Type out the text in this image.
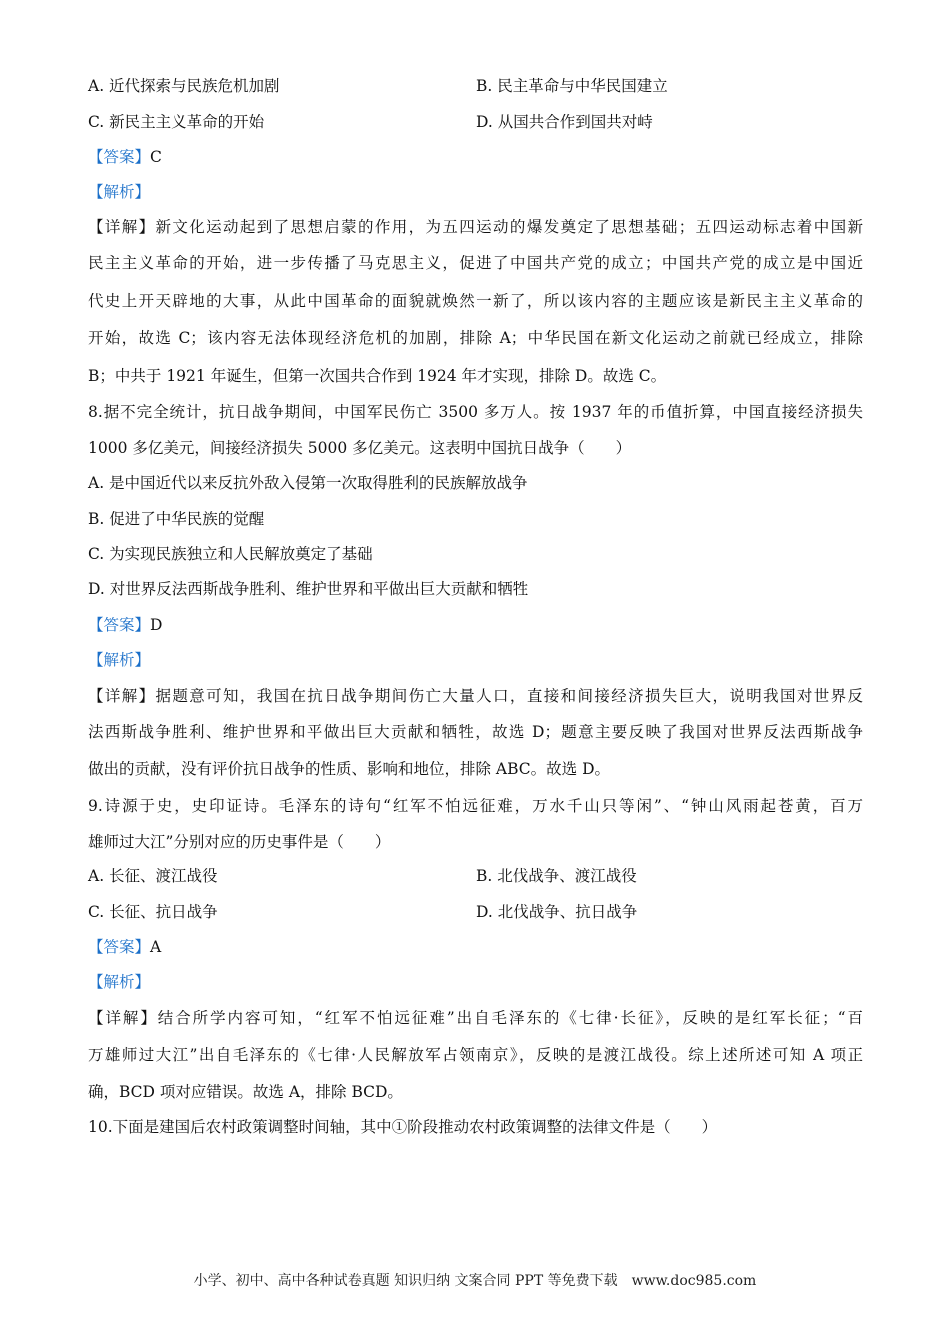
A. 近代探索与民族危机加剧	B. 民主革命与中华民国建立
C. 新民主主义革命的开始	D. 从国共合作到国共对峙
【答案】C
【解析】
【详解】新文化运动起到了思想启蒙的作用，为五四运动的爆发奠定了思想基础；五四运动标志着中国新
民主主义革命的开始，进一步传播了马克思主义，促进了中国共产党的成立；中国共产党的成立是中国近
代史上开天辟地的大事，从此中国革命的面貌就焕然一新了，所以该内容的主题应该是新民主主义革命的
开始，故选 C；该内容无法体现经济危机的加剧，排除 A；中华民国在新文化运动之前就已经成立，排除
B；中共于 1921 年诞生，但第一次国共合作到 1924 年才实现，排除 D。故选 C。
8.据不完全统计，抗日战争期间，中国军民伤亡 3500 多万人。按 1937 年的币值折算，中国直接经济损失
1000 多亿美元，间接经济损失 5000 多亿美元。这表明中国抗日战争（　　）
A. 是中国近代以来反抗外敌入侵第一次取得胜利的民族解放战争
B. 促进了中华民族的觉醒
C. 为实现民族独立和人民解放奠定了基础
D. 对世界反法西斯战争胜利、维护世界和平做出巨大贡献和牺牲
【答案】D
【解析】
【详解】据题意可知，我国在抗日战争期间伤亡大量人口，直接和间接经济损失巨大，说明我国对世界反
法西斯战争胜利、维护世界和平做出巨大贡献和牺牲，故选 D；题意主要反映了我国对世界反法西斯战争
做出的贡献，没有评价抗日战争的性质、影响和地位，排除 ABC。故选 D。
9.诗源于史，史印证诗。毛泽东的诗句“红军不怕远征难，万水千山只等闲”、“钟山风雨起苍黄，百万
雄师过大江”分别对应的历史事件是（　　）
A. 长征、渡江战役	B. 北伐战争、渡江战役
C. 长征、抗日战争	D. 北伐战争、抗日战争
【答案】A
【解析】
【详解】结合所学内容可知，“红军不怕远征难”出自毛泽东的《七律·长征》，反映的是红军长征；“百
万雄师过大江”出自毛泽东的《七律·人民解放军占领南京》，反映的是渡江战役。综上述所述可知 A 项正
确，BCD 项对应错误。故选 A，排除 BCD。
10.下面是建国后农村政策调整时间轴，其中①阶段推动农村政策调整的法律文件是（　　）
小学、初中、高中各种试卷真题 知识归纳 文案合同 PPT 等免费下载　www.doc985.com
